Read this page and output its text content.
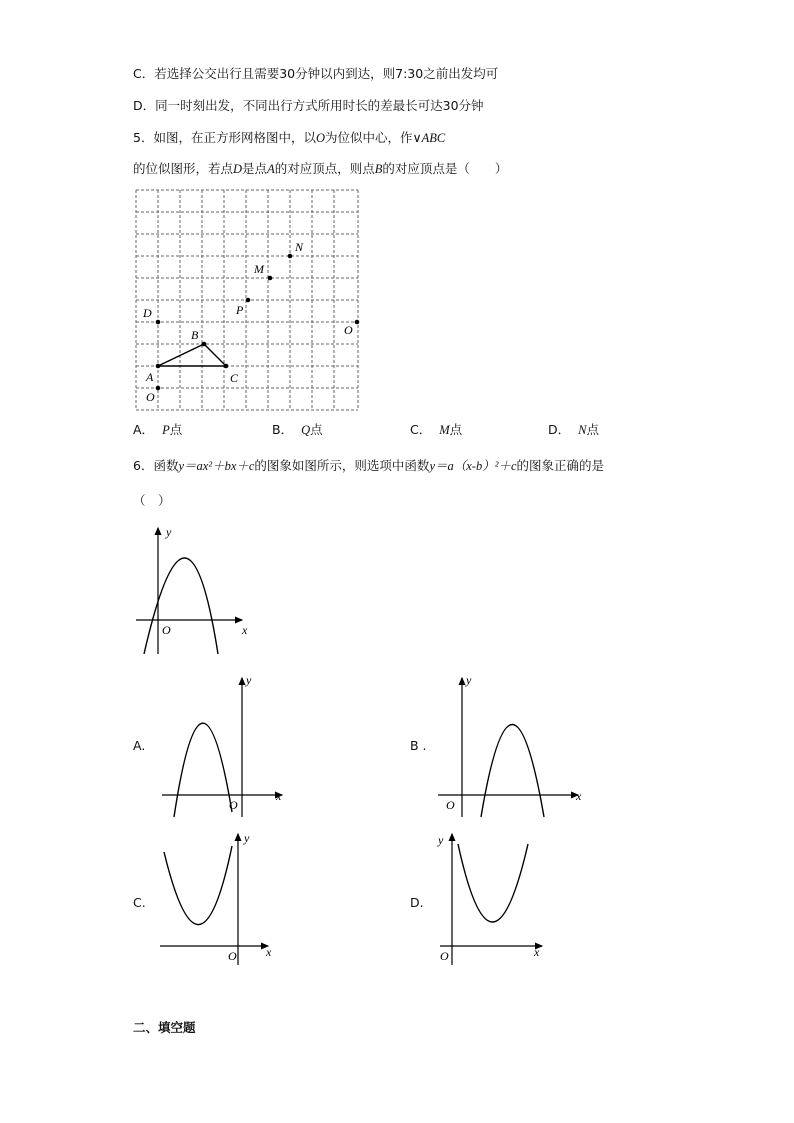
C．若选择公交出行且需要30分钟以内到达，则7:30之前出发均可
D．同一时刻出发，不同出行方式所用时长的差最长可达30分钟
5．如图，在正方形网格图中，以O为位似中心，作∨ABC
的位似图形，若点D是点A的对应顶点，则点B的对应顶点是（　　）
N
M
P
D
O
B
A	C
O
A． P点	B． Q点	C． M点	D． N点
6．函数y＝ax²＋bx＋c的图象如图所示，则选项中函数y＝a（x-b）²＋c的图象正确的是
（　）
y
x
O
A.
y
x
O
B .
y
x
O
C.
y
x
O
D.
y
x
O
二、填空题
